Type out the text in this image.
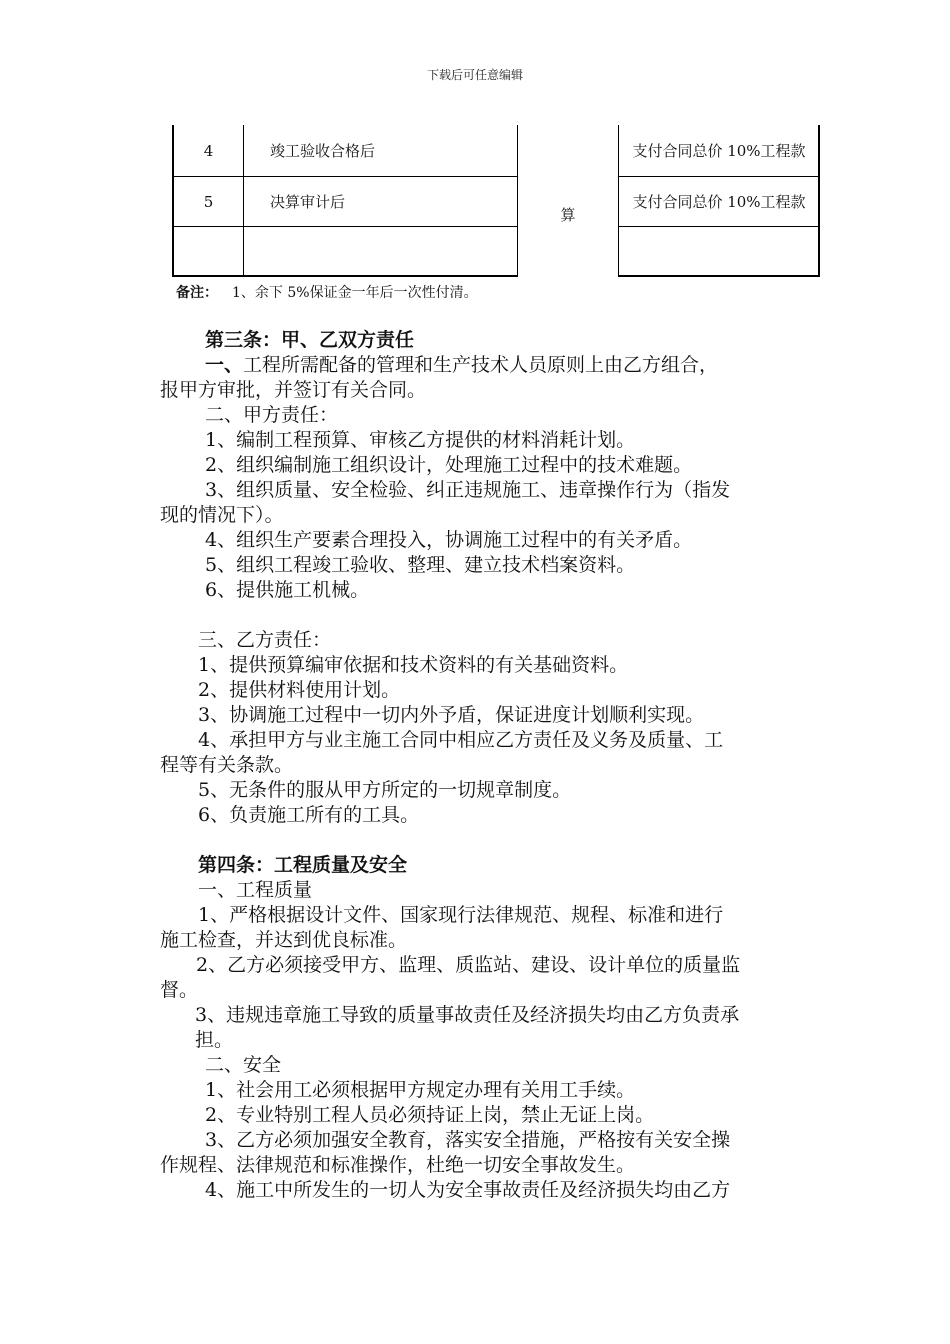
下载后可任意编辑
4	竣工验收合格后	支付合同总价 10%工程款
5	决算审计后	支付合同总价 10%工程款
算
备注： 1、余下 5%保证金一年后一次性付清。
第三条：甲、乙双方责任
一、工程所需配备的管理和生产技术人员原则上由乙方组合，
报甲方审批，并签订有关合同。
二、甲方责任：
1、编制工程预算、审核乙方提供的材料消耗计划。
2、组织编制施工组织设计，处理施工过程中的技术难题。
3、组织质量、安全检验、纠正违规施工、违章操作行为（指发
现的情况下）。
4、组织生产要素合理投入，协调施工过程中的有关矛盾。
5、组织工程竣工验收、整理、建立技术档案资料。
6、提供施工机械。
三、乙方责任：
1、提供预算编审依据和技术资料的有关基础资料。
2、提供材料使用计划。
3、协调施工过程中一切内外予盾，保证进度计划顺利实现。
4、承担甲方与业主施工合同中相应乙方责任及义务及质量、工
程等有关条款。
5、无条件的服从甲方所定的一切规章制度。
6、负责施工所有的工具。
第四条：工程质量及安全
一、工程质量
1、严格根据设计文件、国家现行法律规范、规程、标准和进行
施工检查，并达到优良标准。
2、乙方必须接受甲方、监理、质监站、建设、设计单位的质量监
督。
3、违规违章施工导致的质量事故责任及经济损失均由乙方负责承
担。
二、安全
1、社会用工必须根据甲方规定办理有关用工手续。
2、专业特别工程人员必须持证上岗，禁止无证上岗。
3、乙方必须加强安全教育，落实安全措施，严格按有关安全操
作规程、法律规范和标准操作，杜绝一切安全事故发生。
4、施工中所发生的一切人为安全事故责任及经济损失均由乙方
